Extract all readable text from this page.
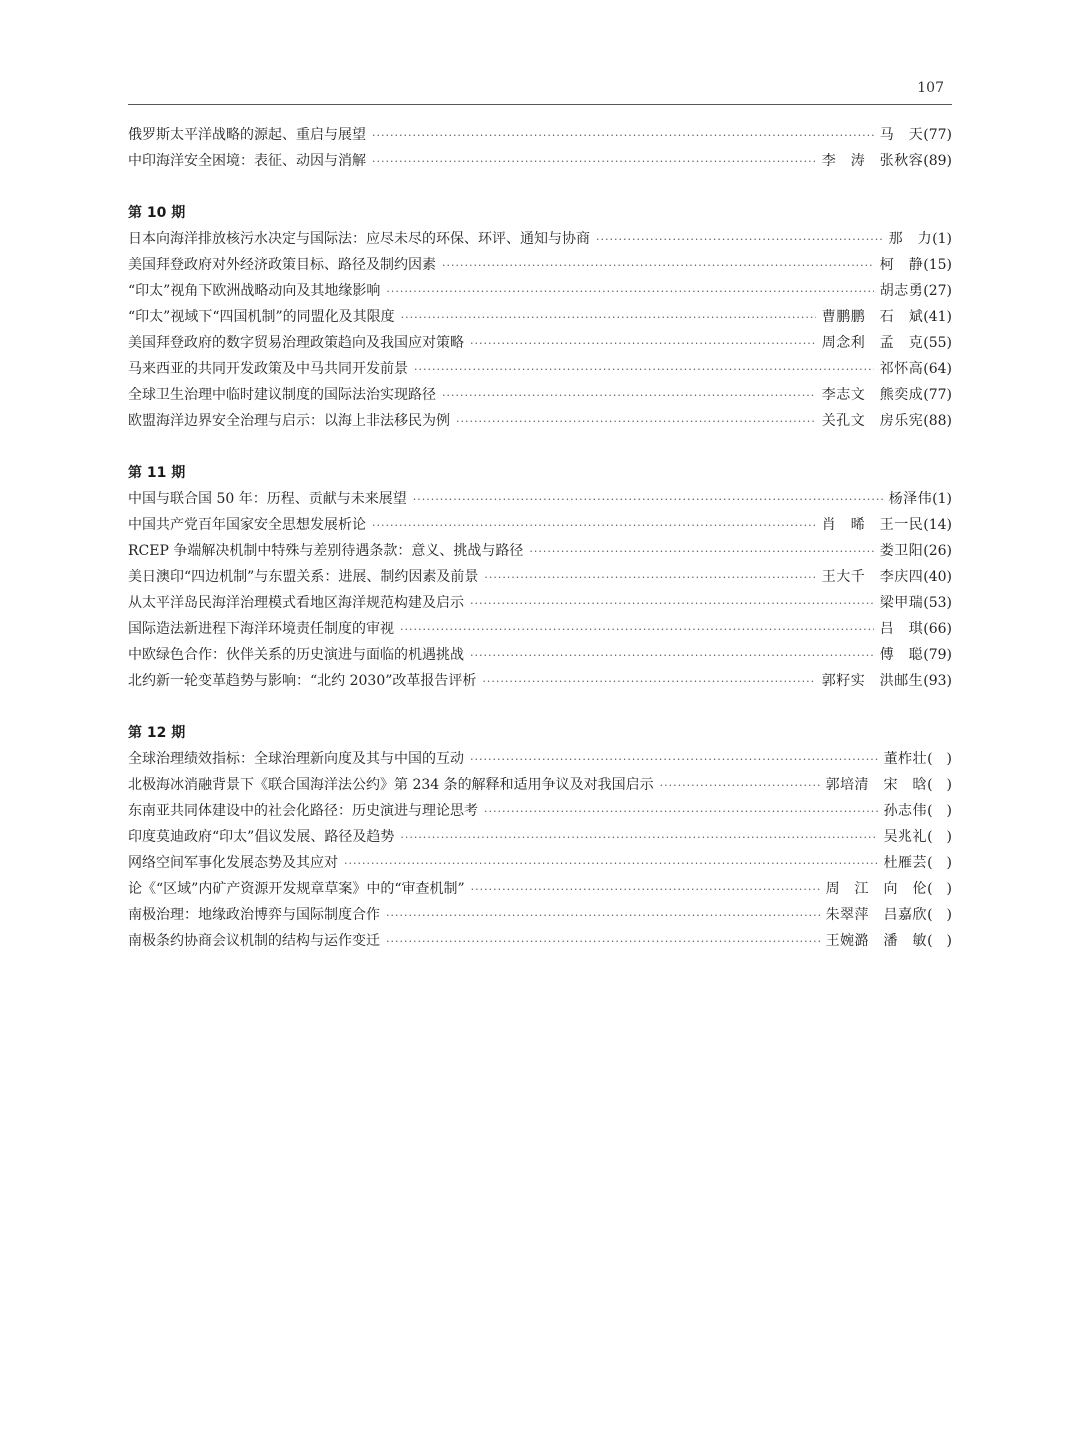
107
俄罗斯太平洋战略的源起、重启与展望 ·····	马　天 (77)
中印海洋安全困境：表征、动因与消解 ·····	李　涛　张秋容 (89)
第 10 期
日本向海洋排放核污水决定与国际法：应尽未尽的环保、环评、通知与协商 ·····	那　力 (1)
美国拜登政府对外经济政策目标、路径及制约因素 ·····	柯　静 (15)
“印太”视角下欧洲战略动向及其地缘影响 ·····	胡志勇 (27)
“印太”视域下“四国机制”的同盟化及其限度 ·····	曹鹏鹏　石　斌 (41)
美国拜登政府的数字贸易治理政策趋向及我国应对策略 ·····	周念利　孟　克 (55)
马来西亚的共同开发政策及中马共同开发前景 ·····	祁怀高 (64)
全球卫生治理中临时建议制度的国际法治实现路径 ·····	李志文　熊奕成 (77)
欧盟海洋边界安全治理与启示：以海上非法移民为例 ·····	关孔文　房乐宪 (88)
第 11 期
中国与联合国 50 年：历程、贡献与未来展望 ·····	杨泽伟 (1)
中国共产党百年国家安全思想发展析论 ·····	肖　晞　王一民 (14)
RCEP 争端解决机制中特殊与差别待遇条款：意义、挑战与路径 ·····	娄卫阳 (26)
美日澳印“四边机制”与东盟关系：进展、制约因素及前景 ·····	王大千　李庆四 (40)
从太平洋岛民海洋治理模式看地区海洋规范构建及启示 ·····	梁甲瑞 (53)
国际造法新进程下海洋环境责任制度的审视 ·····	吕　琪 (66)
中欧绿色合作：伙伴关系的历史演进与面临的机遇挑战 ·····	傅　聪 (79)
北约新一轮变革趋势与影响：“北约 2030”改革报告评析 ·····	郭籽实　洪邮生 (93)
第 12 期
全球治理绩效指标：全球治理新向度及其与中国的互动 ·····	董柞壮 (　)
北极海冰消融背景下《联合国海洋法公约》第 234 条的解释和适用争议及对我国启示 ·····	郭培清　宋　晗 (　)
东南亚共同体建设中的社会化路径：历史演进与理论思考 ·····	孙志伟 (　)
印度莫迪政府“印太”倡议发展、路径及趋势 ·····	吴兆礼 (　)
网络空间军事化发展态势及其应对 ·····	杜雁芸 (　)
论《“区域”内矿产资源开发规章草案》中的“审查机制” ·····	周　江　向　伦 (　)
南极治理：地缘政治博弈与国际制度合作 ·····	朱翠萍　吕嘉欣 (　)
南极条约协商会议机制的结构与运作变迁 ·····	王婉潞　潘　敏 (　)
